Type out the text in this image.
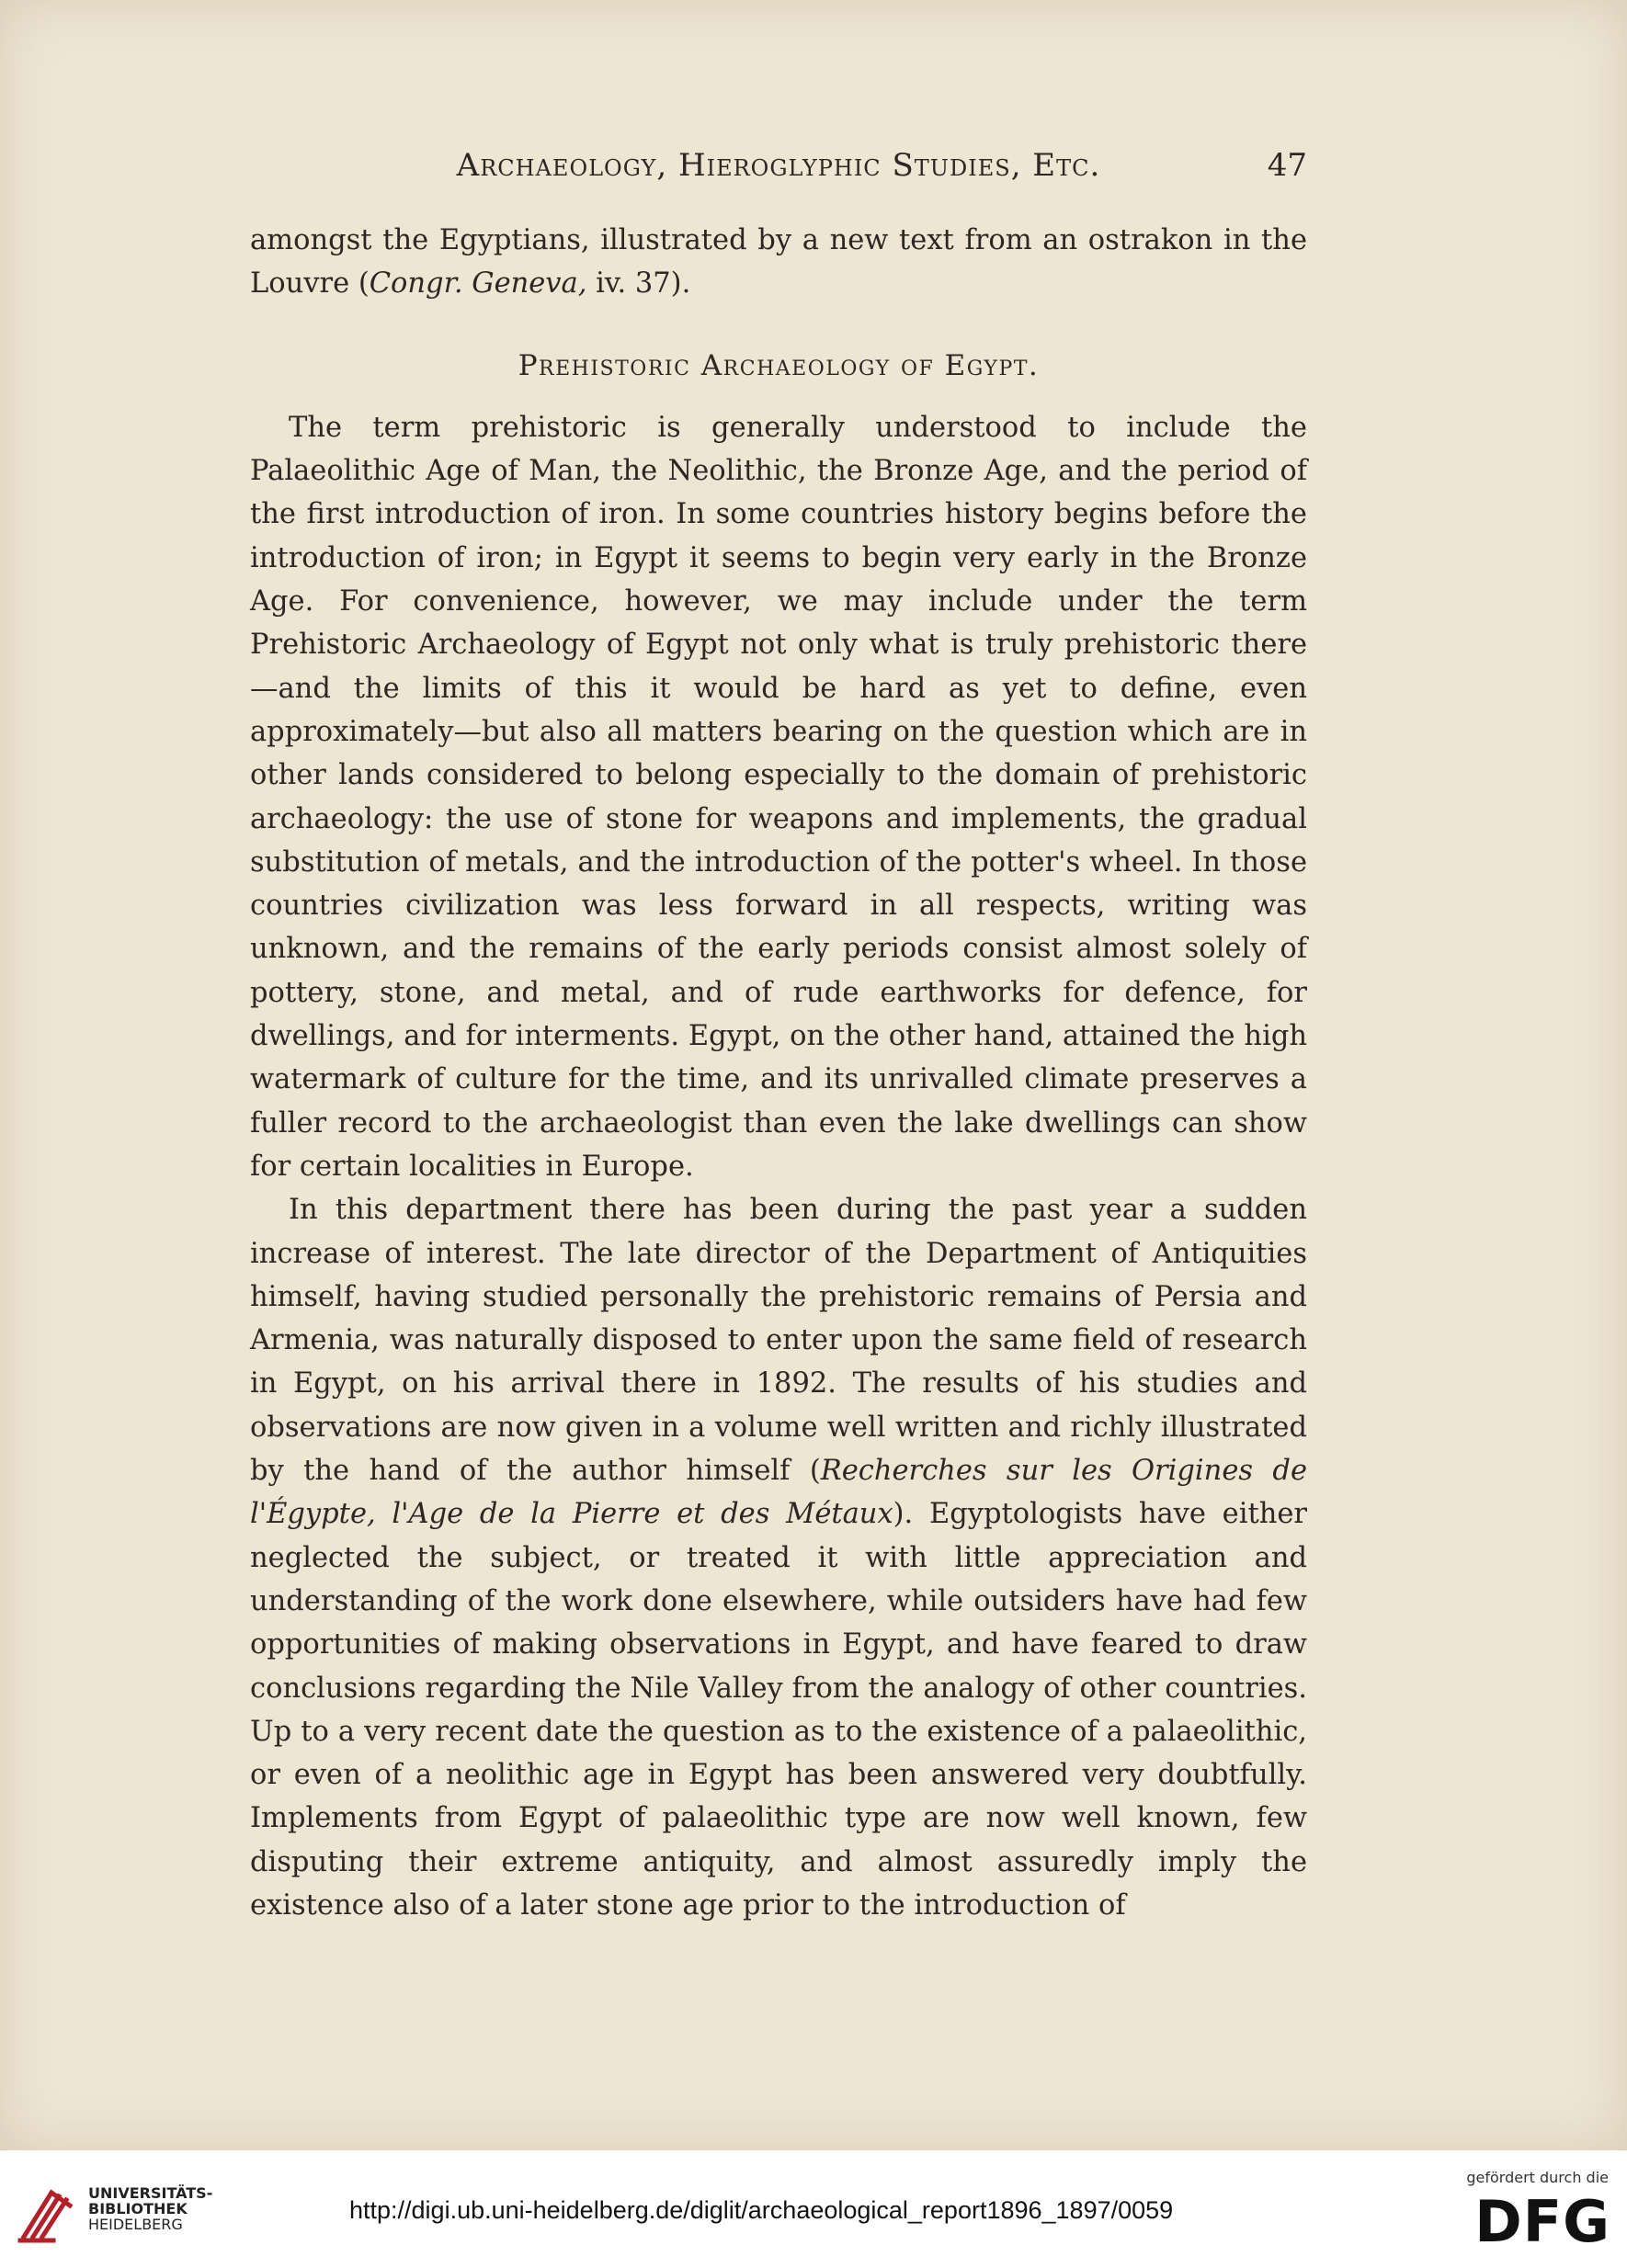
Archaeology, Hieroglyphic Studies, Etc.	47

amongst the Egyptians, illustrated by a new text from an ostrakon in the Louvre (Congr. Geneva, iv. 37).

Prehistoric Archaeology of Egypt.

The term prehistoric is generally understood to include the Palaeolithic Age of Man, the Neolithic, the Bronze Age, and the period of the first introduction of iron. In some countries history begins before the introduction of iron; in Egypt it seems to begin very early in the Bronze Age. For convenience, however, we may include under the term Prehistoric Archaeology of Egypt not only what is truly prehistoric there—and the limits of this it would be hard as yet to define, even approximately—but also all matters bearing on the question which are in other lands considered to belong especially to the domain of prehistoric archaeology: the use of stone for weapons and implements, the gradual substitution of metals, and the introduction of the potter's wheel. In those countries civilization was less forward in all respects, writing was unknown, and the remains of the early periods consist almost solely of pottery, stone, and metal, and of rude earthworks for defence, for dwellings, and for interments. Egypt, on the other hand, attained the high watermark of culture for the time, and its unrivalled climate preserves a fuller record to the archaeologist than even the lake dwellings can show for certain localities in Europe.

In this department there has been during the past year a sudden increase of interest. The late director of the Department of Antiquities himself, having studied personally the prehistoric remains of Persia and Armenia, was naturally disposed to enter upon the same field of research in Egypt, on his arrival there in 1892. The results of his studies and observations are now given in a volume well written and richly illustrated by the hand of the author himself (Recherches sur les Origines de l'Égypte, l'Age de la Pierre et des Métaux). Egyptologists have either neglected the subject, or treated it with little appreciation and understanding of the work done elsewhere, while outsiders have had few opportunities of making observations in Egypt, and have feared to draw conclusions regarding the Nile Valley from the analogy of other countries. Up to a very recent date the question as to the existence of a palaeolithic, or even of a neolithic age in Egypt has been answered very doubtfully. Implements from Egypt of palaeolithic type are now well known, few disputing their extreme antiquity, and almost assuredly imply the existence also of a later stone age prior to the introduction of

UNIVERSITÄTS-
BIBLIOTHEK
HEIDELBERG
http://digi.ub.uni-heidelberg.de/diglit/archaeological_report1896_1897/0059
gefördert durch die
DFG
